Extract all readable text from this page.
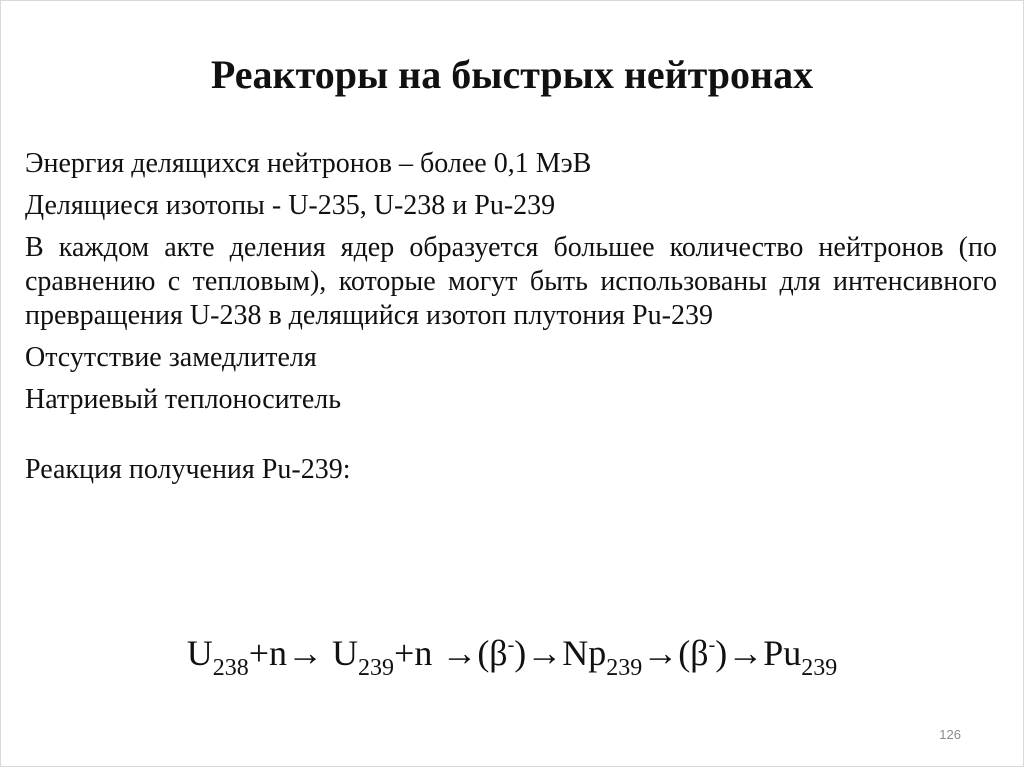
Реакторы на быстрых нейтронах

Энергия делящихся нейтронов – более 0,1 МэВ

Делящиеся изотопы - U-235, U-238 и Pu-239

В каждом акте деления ядер образуется большее количество нейтронов (по сравнению с тепловым), которые могут быть использованы для интенсивного превращения U-238 в делящийся изотоп плутония Pu-239

Отсутствие замедлителя

Натриевый теплоноситель

Реакция получения Pu-239:

$U_{238}+n\to U_{239}+n \to(\beta^-)\to Np_{239}\to(\beta^-)\to Pu_{239}$
126
